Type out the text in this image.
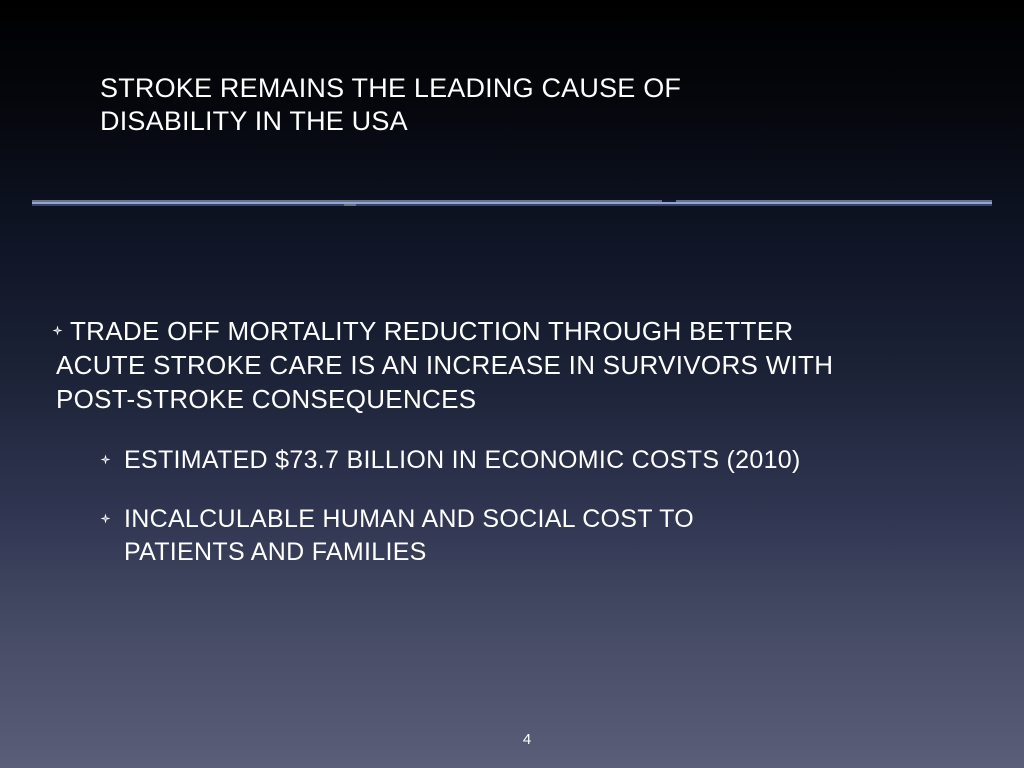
STROKE REMAINS THE LEADING CAUSE OF
DISABILITY IN THE USA
TRADE OFF MORTALITY REDUCTION THROUGH BETTER
ACUTE STROKE CARE IS AN INCREASE IN SURVIVORS WITH
POST-STROKE CONSEQUENCES
ESTIMATED $73.7 BILLION IN ECONOMIC COSTS (2010)
INCALCULABLE HUMAN AND SOCIAL COST TO
PATIENTS AND FAMILIES
4
